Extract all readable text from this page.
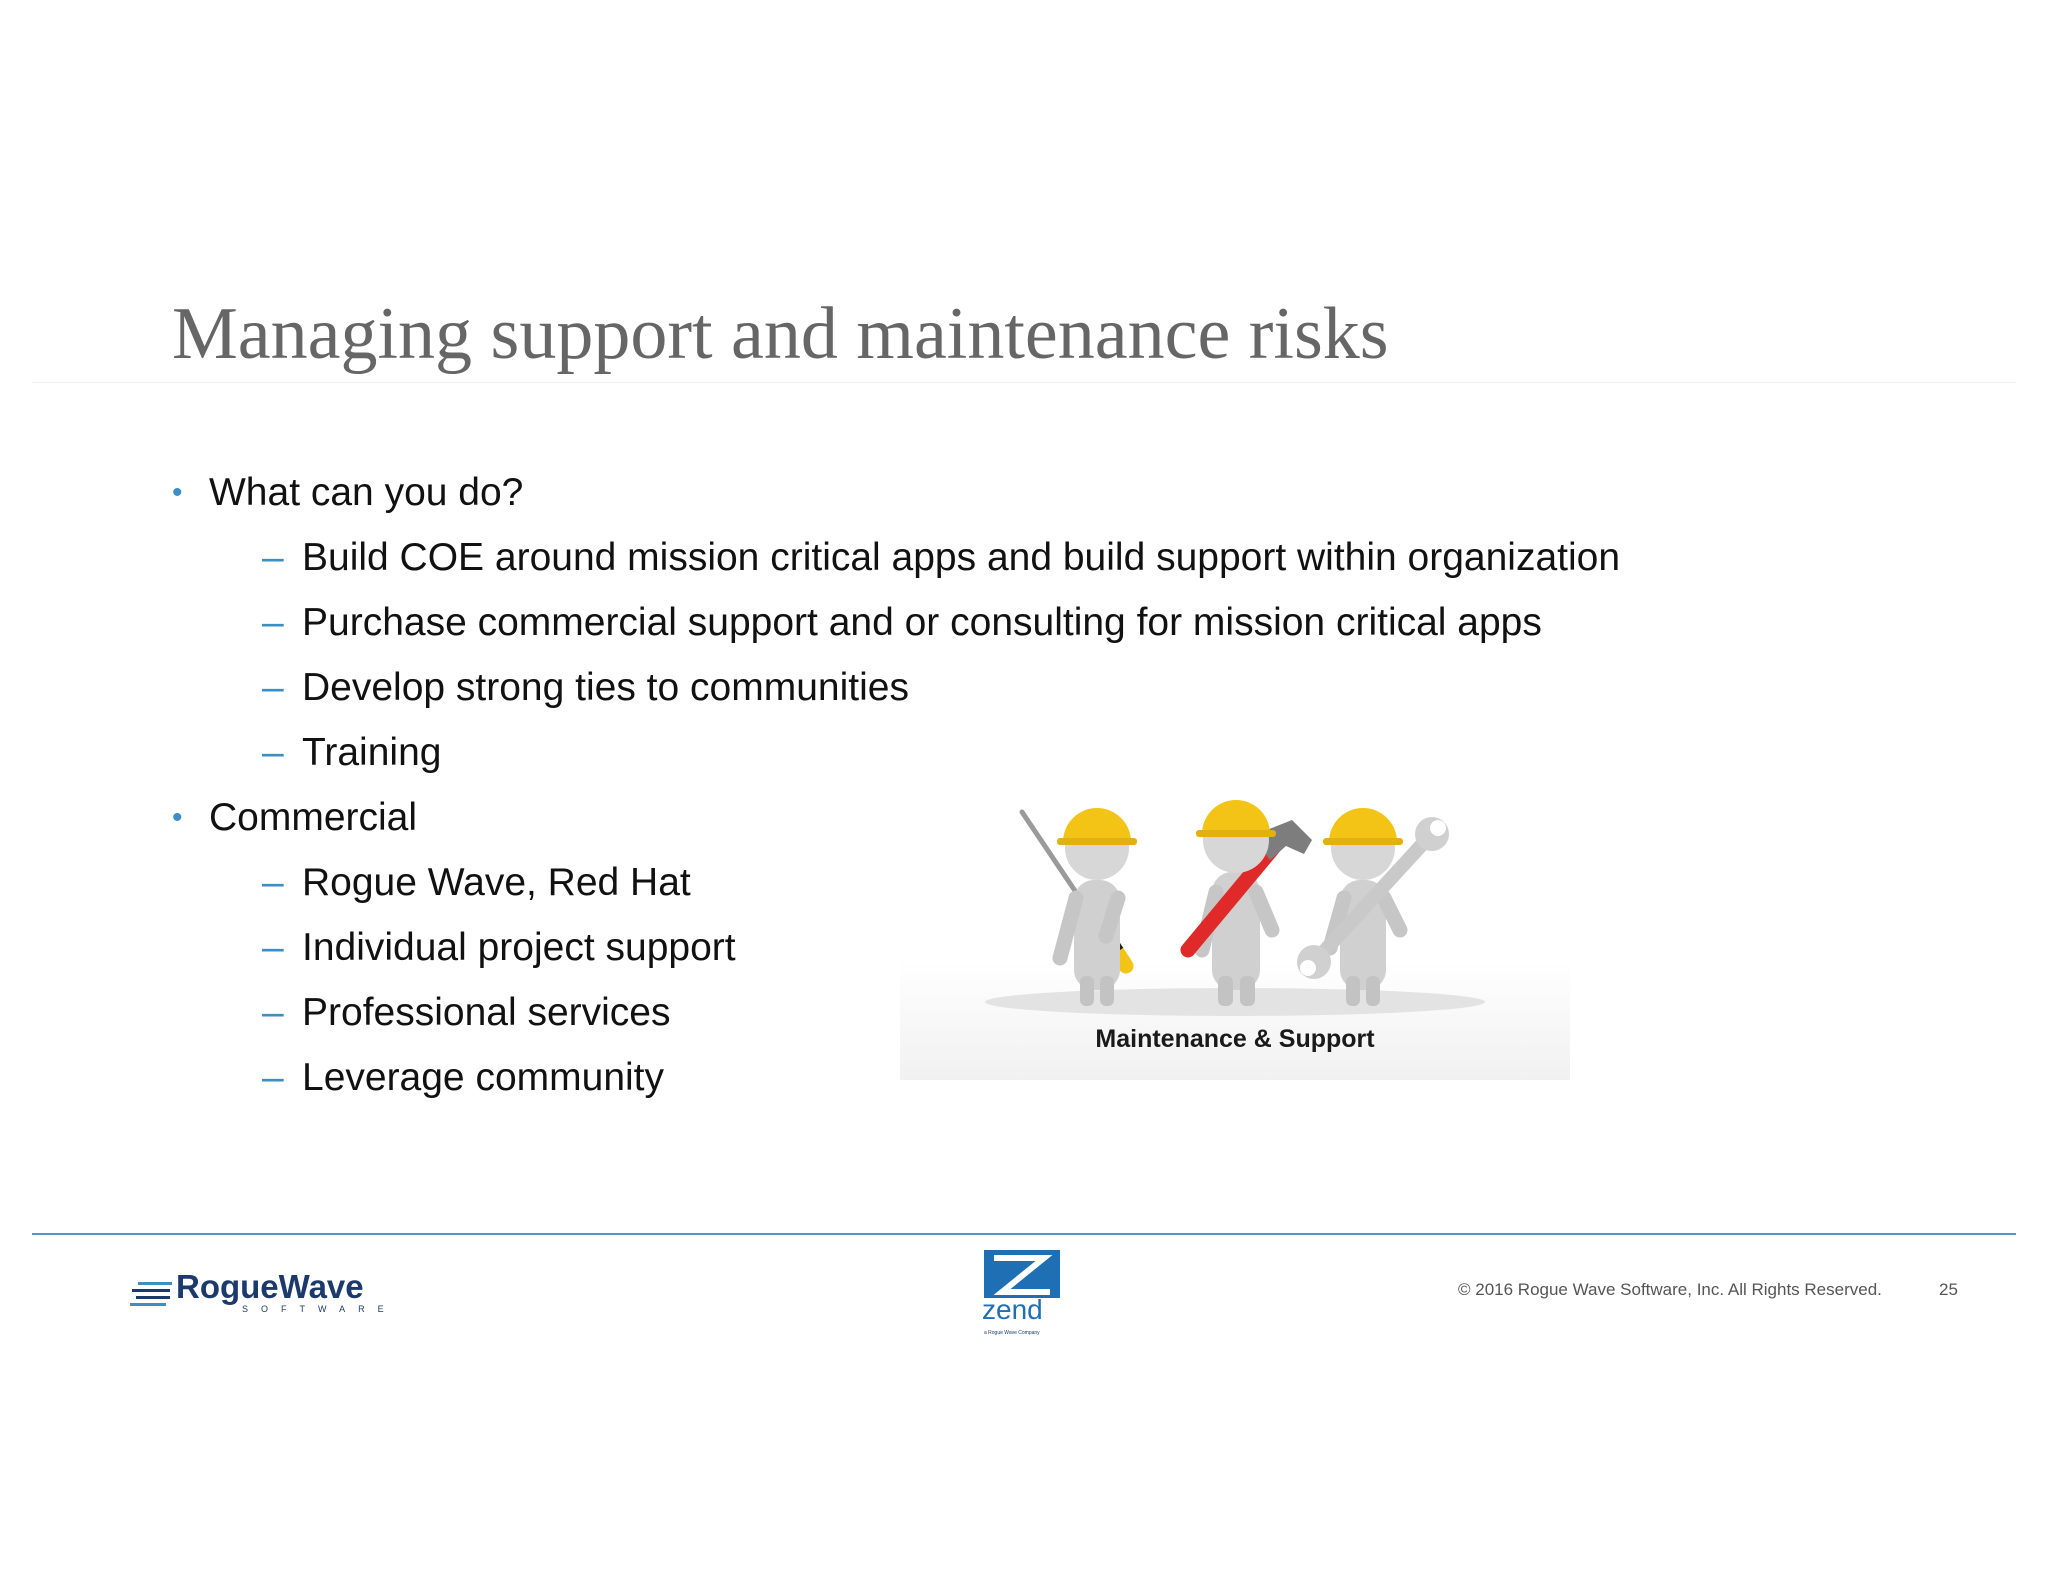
Managing support and maintenance risks
• What can you do?
– Build COE around mission critical apps and build support within organization
– Purchase commercial support and or consulting for mission critical apps
– Develop strong ties to communities
– Training
• Commercial
– Rogue Wave, Red Hat
– Individual project support
– Professional services
– Leverage community
Maintenance & Support
RogueWave
SOFTWARE	zend
a Rogue Wave Company
© 2016 Rogue Wave Software, Inc. All Rights Reserved.	25
